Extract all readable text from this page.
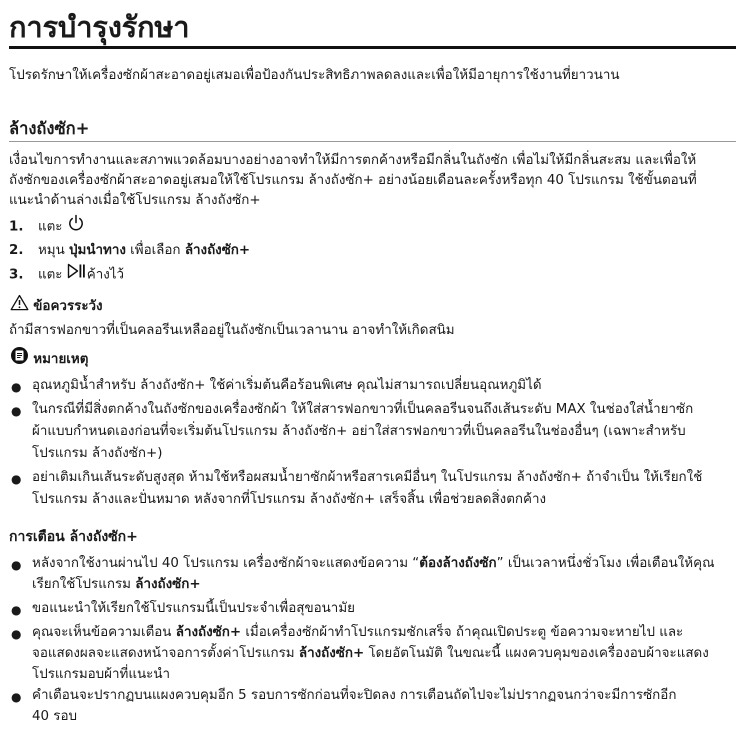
การบำรุงรักษา
โปรดรักษาให้เครื่องซักผ้าสะอาดอยู่เสมอเพื่อป้องกันประสิทธิภาพลดลงและเพื่อให้มีอายุการใช้งานที่ยาวนาน
ล้างถังซัก+
เงื่อนไขการทำงานและสภาพแวดล้อมบางอย่างอาจทำให้มีการตกค้างหรือมีกลิ่นในถังซัก เพื่อไม่ให้มีกลิ่นสะสม และเพื่อให้
ถังซักของเครื่องซักผ้าสะอาดอยู่เสมอให้ใช้โปรแกรม ล้างถังซัก+ อย่างน้อยเดือนละครั้งหรือทุก 40 โปรแกรม ใช้ขั้นตอนที่
แนะนำด้านล่างเมื่อใช้โปรแกรม ล้างถังซัก+
1. แตะ
2. หมุน ปุ่มนำทาง เพื่อเลือก ล้างถังซัก+
3. แตะ ค้างไว้
ข้อควรระวัง
ถ้ามีสารฟอกขาวที่เป็นคลอรีนเหลืออยู่ในถังซักเป็นเวลานาน อาจทำให้เกิดสนิม
หมายเหตุ
● อุณหภูมิน้ำสำหรับ ล้างถังซัก+ ใช้ค่าเริ่มต้นคือร้อนพิเศษ คุณไม่สามารถเปลี่ยนอุณหภูมิได้
● ในกรณีที่มีสิ่งตกค้างในถังซักของเครื่องซักผ้า ให้ใส่สารฟอกขาวที่เป็นคลอรีนจนถึงเส้นระดับ MAX ในช่องใส่น้ำยาซัก
ผ้าแบบกำหนดเองก่อนที่จะเริ่มต้นโปรแกรม ล้างถังซัก+ อย่าใส่สารฟอกขาวที่เป็นคลอรีนในช่องอื่นๆ (เฉพาะสำหรับ
โปรแกรม ล้างถังซัก+)
● อย่าเติมเกินเส้นระดับสูงสุด ห้ามใช้หรือผสมน้ำยาซักผ้าหรือสารเคมีอื่นๆ ในโปรแกรม ล้างถังซัก+ ถ้าจำเป็น ให้เรียกใช้
โปรแกรม ล้างและปั่นหมาด หลังจากที่โปรแกรม ล้างถังซัก+ เสร็จสิ้น เพื่อช่วยลดสิ่งตกค้าง
การเตือน ล้างถังซัก+
● หลังจากใช้งานผ่านไป 40 โปรแกรม เครื่องซักผ้าจะแสดงข้อความ “ต้องล้างถังซัก” เป็นเวลาหนึ่งชั่วโมง เพื่อเตือนให้คุณ
เรียกใช้โปรแกรม ล้างถังซัก+
● ขอแนะนำให้เรียกใช้โปรแกรมนี้เป็นประจำเพื่อสุขอนามัย
● คุณจะเห็นข้อความเตือน ล้างถังซัก+ เมื่อเครื่องซักผ้าทำโปรแกรมซักเสร็จ ถ้าคุณเปิดประตู ข้อความจะหายไป และ
จอแสดงผลจะแสดงหน้าจอการตั้งค่าโปรแกรม ล้างถังซัก+ โดยอัตโนมัติ ในขณะนี้ แผงควบคุมของเครื่องอบผ้าจะแสดง
โปรแกรมอบผ้าที่แนะนำ
● คำเตือนจะปรากฏบนแผงควบคุมอีก 5 รอบการซักก่อนที่จะปิดลง การเตือนถัดไปจะไม่ปรากฏจนกว่าจะมีการซักอีก
40 รอบ
